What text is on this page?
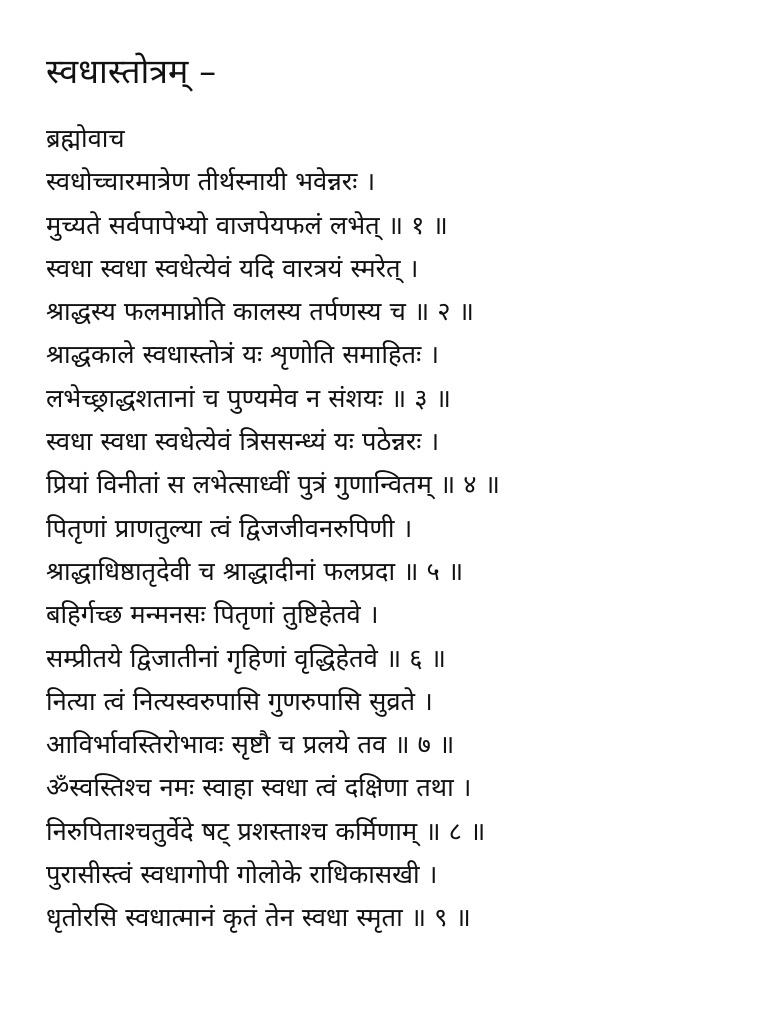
स्वधास्तोत्रम् –
ब्रह्मोवाच
स्वधोच्चारमात्रेण तीर्थस्नायी भवेन्नरः ।
मुच्यते सर्वपापेभ्यो वाजपेयफलं लभेत् ॥ १ ॥
स्वधा स्वधा स्वधेत्येवं यदि वारत्रयं स्मरेत् ।
श्राद्धस्य फलमाप्नोति कालस्य तर्पणस्य च ॥ २ ॥
श्राद्धकाले स्वधास्तोत्रं यः शृणोति समाहितः ।
लभेच्छ्राद्धशतानां च पुण्यमेव न संशयः ॥ ३ ॥
स्वधा स्वधा स्वधेत्येवं त्रिससन्ध्यं यः पठेन्नरः ।
प्रियां विनीतां स लभेत्साध्वीं पुत्रं गुणान्वितम् ॥ ४ ॥
पितृणां प्राणतुल्या त्वं द्विजजीवनरुपिणी ।
श्राद्धाधिष्ठातृदेवी च श्राद्धादीनां फलप्रदा ॥ ५ ॥
बहिर्गच्छ मन्मनसः पितृणां तुष्टिहेतवे ।
सम्प्रीतये द्विजातीनां गृहिणां वृद्धिहेतवे ॥ ६ ॥
नित्या त्वं नित्यस्वरुपासि गुणरुपासि सुव्रते ।
आविर्भावस्तिरोभावः सृष्टौ च प्रलये तव ॥ ७ ॥
ॐस्वस्तिश्च नमः स्वाहा स्वधा त्वं दक्षिणा तथा ।
निरुपिताश्चतुर्वेदे षट् प्रशस्ताश्च कर्मिणाम् ॥ ८ ॥
पुरासीस्त्वं स्वधागोपी गोलोके राधिकासखी ।
धृतोरसि स्वधात्मानं कृतं तेन स्वधा स्मृता ॥ ९ ॥
